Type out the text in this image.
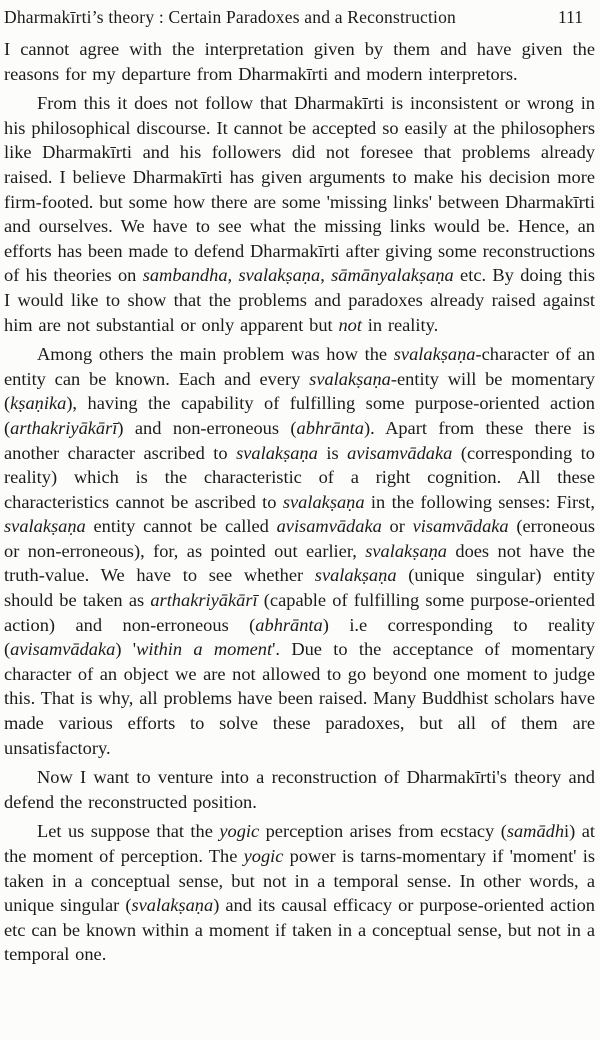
Dharmakīrti’s theory : Certain Paradoxes and a Reconstruction	111

I cannot agree with the interpretation given by them and have given the reasons for my departure from Dharmakīrti and modern interpretors.

From this it does not follow that Dharmakīrti is inconsistent or wrong in his philosophical discourse. It cannot be accepted so easily at the philosophers like Dharmakīrti and his followers did not foresee that problems already raised. I believe Dharmakīrti has given arguments to make his decision more firm-footed. but some how there are some 'missing links' between Dharmakīrti and ourselves. We have to see what the missing links would be. Hence, an efforts has been made to defend Dharmakīrti after giving some reconstructions of his theories on sambandha, svalakṣaṇa, sāmānyalakṣaṇa etc. By doing this I would like to show that the problems and paradoxes already raised against him are not substantial or only apparent but not in reality.

Among others the main problem was how the svalakṣaṇa-character of an entity can be known. Each and every svalakṣaṇa-entity will be momentary (kṣaṇika), having the capability of fulfilling some purpose-oriented action (arthakriyākārī) and non-erroneous (abhrānta). Apart from these there is another character ascribed to svalakṣaṇa is avisamvādaka (corresponding to reality) which is the characteristic of a right cognition. All these characteristics cannot be ascribed to svalakṣaṇa in the following senses: First, svalakṣaṇa entity cannot be called avisamvādaka or visamvādaka (erroneous or non-erroneous), for, as pointed out earlier, svalakṣaṇa does not have the truth-value. We have to see whether svalakṣaṇa (unique singular) entity should be taken as arthakriyākārī (capable of fulfilling some purpose-oriented action) and non-erroneous (abhrānta) i.e corresponding to reality (avisamvādaka) 'within a moment'. Due to the acceptance of momentary character of an object we are not allowed to go beyond one moment to judge this. That is why, all problems have been raised. Many Buddhist scholars have made various efforts to solve these paradoxes, but all of them are unsatisfactory.

Now I want to venture into a reconstruction of Dharmakīrti's theory and defend the reconstructed position.

Let us suppose that the yogic perception arises from ecstacy (samādhi) at the moment of perception. The yogic power is tarns-momentary if 'moment' is taken in a conceptual sense, but not in a temporal sense. In other words, a unique singular (svalakṣaṇa) and its causal efficacy or purpose-oriented action etc can be known within a moment if taken in a conceptual sense, but not in a temporal one.
